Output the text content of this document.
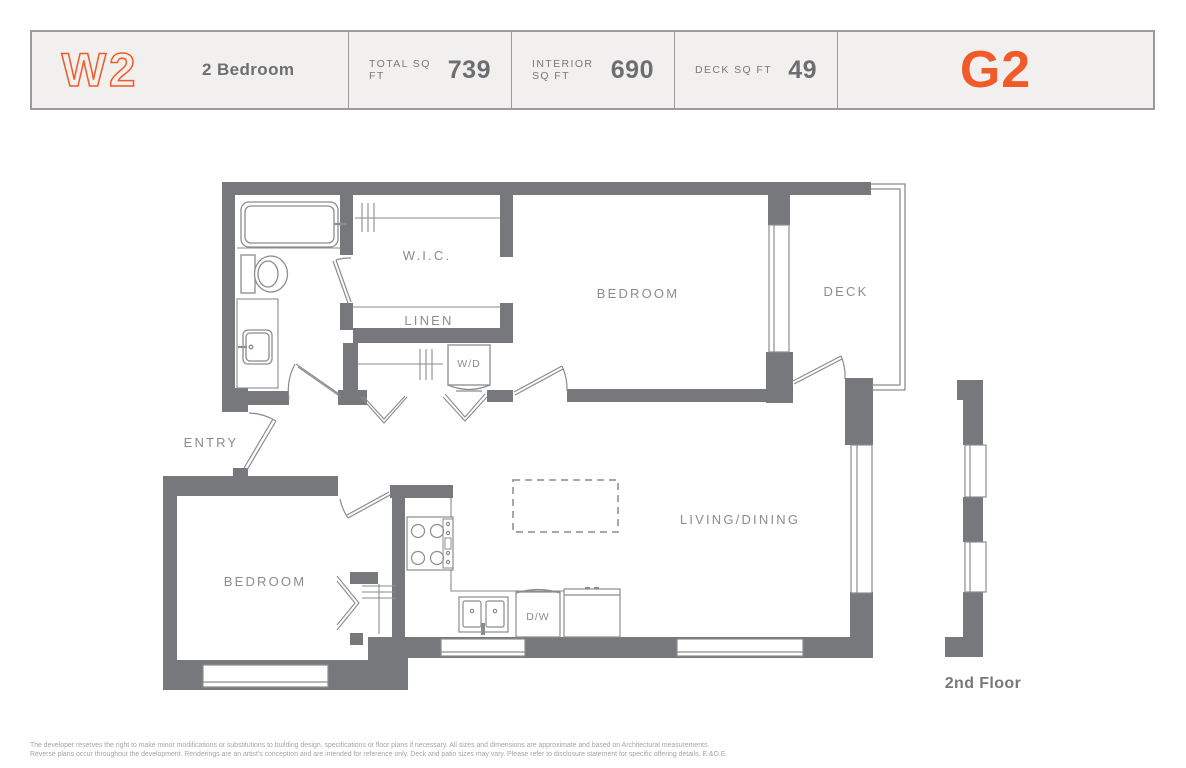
W2	2 Bedroom	TOTAL SQ FT	739	INTERIOR SQ FT	690	DECK SQ FT 49	G2
W.I.C.
LINEN
W/D
BEDROOM	DECK
ENTRY
BEDROOM
LIVING/DINING
D/W
2nd Floor
The developer reserves the right to make minor modifications or substitutions to building design, specifications or floor plans if necessary. All sizes and dimensions are approximate and based on Architectural measurements.
Reverse plans occur throughout the development. Renderings are an artist's conception and are intended for reference only. Deck and patio sizes may vary. Please refer to disclosure statement for specific offering details. E.&O.E.
